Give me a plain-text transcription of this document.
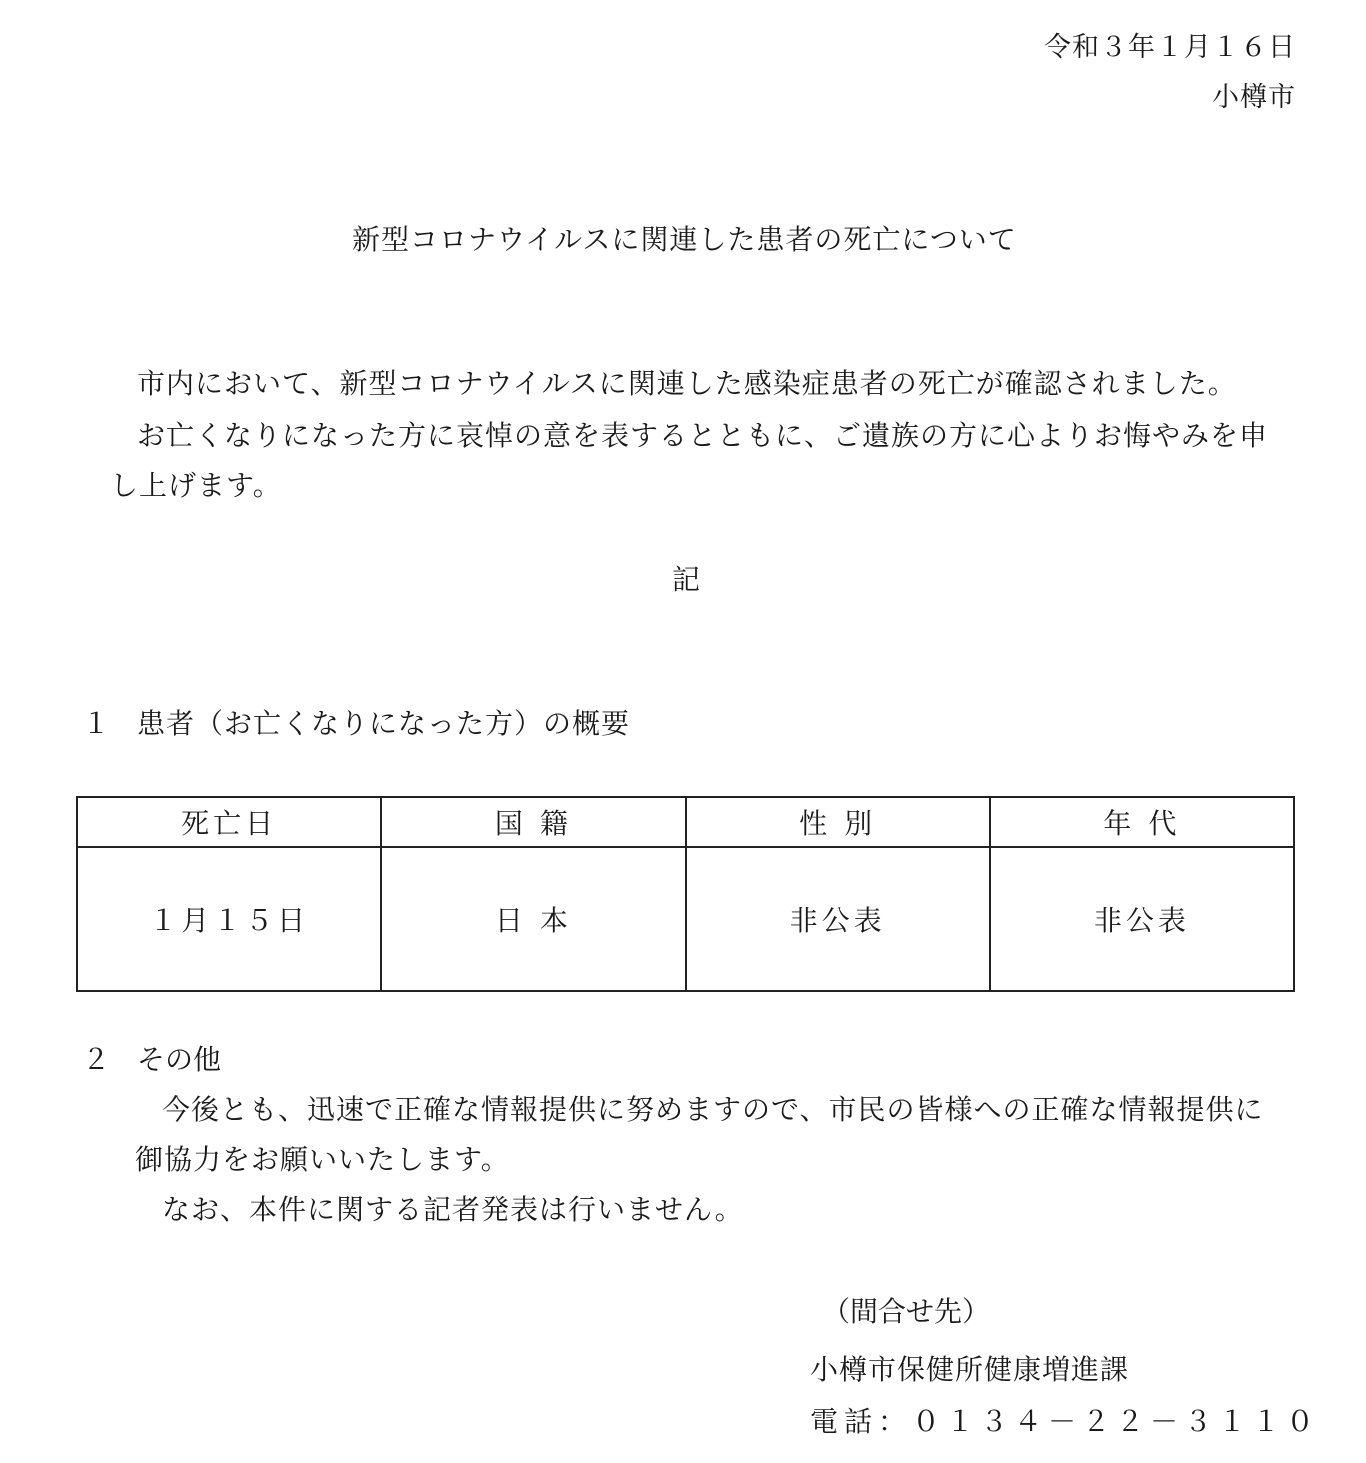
令和３年１月１６日
小樽市
新型コロナウイルスに関連した患者の死亡について
市内において、新型コロナウイルスに関連した感染症患者の死亡が確認されました。
お亡くなりになった方に哀悼の意を表するとともに、ご遺族の方に心よりお悔やみを申
し上げます。
記
１ 患者（お亡くなりになった方）の概要
死亡日	国 籍	性 別	年 代
１月１５日	日 本	非公表	非公表
２ その他
今後とも、迅速で正確な情報提供に努めますので、市民の皆様への正確な情報提供に
御協力をお願いいたします。
なお、本件に関する記者発表は行いません。
（間合せ先）
小樽市保健所健康増進課
電話：０１３４－２２－３１１０
